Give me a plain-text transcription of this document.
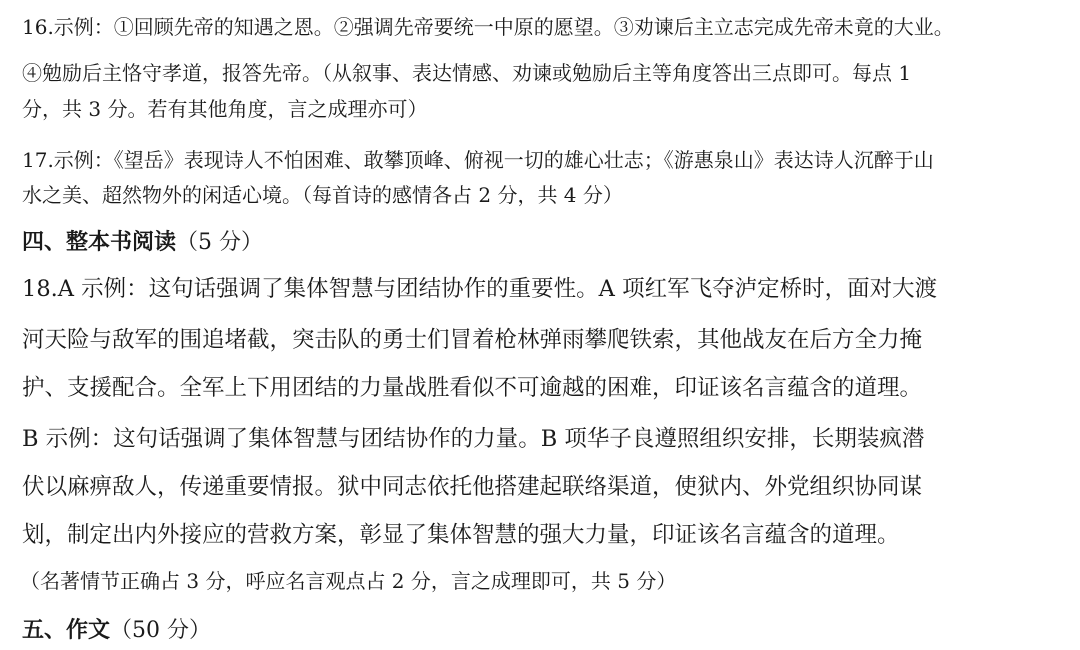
16.示例：①回顾先帝的知遇之恩。②强调先帝要统一中原的愿望。③劝谏后主立志完成先帝未竟的大业。
④勉励后主恪守孝道，报答先帝。（从叙事、表达情感、劝谏或勉励后主等角度答出三点即可。每点 1
分，共 3 分。若有其他角度，言之成理亦可）
17.示例：《望岳》表现诗人不怕困难、敢攀顶峰、俯视一切的雄心壮志；《游惠泉山》表达诗人沉醉于山
水之美、超然物外的闲适心境。（每首诗的感情各占 2 分，共 4 分）
四、整本书阅读（5 分）
18.A 示例：这句话强调了集体智慧与团结协作的重要性。A 项红军飞夺泸定桥时，面对大渡
河天险与敌军的围追堵截，突击队的勇士们冒着枪林弹雨攀爬铁索，其他战友在后方全力掩
护、支援配合。全军上下用团结的力量战胜看似不可逾越的困难，印证该名言蕴含的道理。
B 示例：这句话强调了集体智慧与团结协作的力量。B 项华子良遵照组织安排，长期装疯潜
伏以麻痹敌人，传递重要情报。狱中同志依托他搭建起联络渠道，使狱内、外党组织协同谋
划，制定出内外接应的营救方案，彰显了集体智慧的强大力量，印证该名言蕴含的道理。
（名著情节正确占 3 分，呼应名言观点占 2 分，言之成理即可，共 5 分）
五、作文（50 分）
